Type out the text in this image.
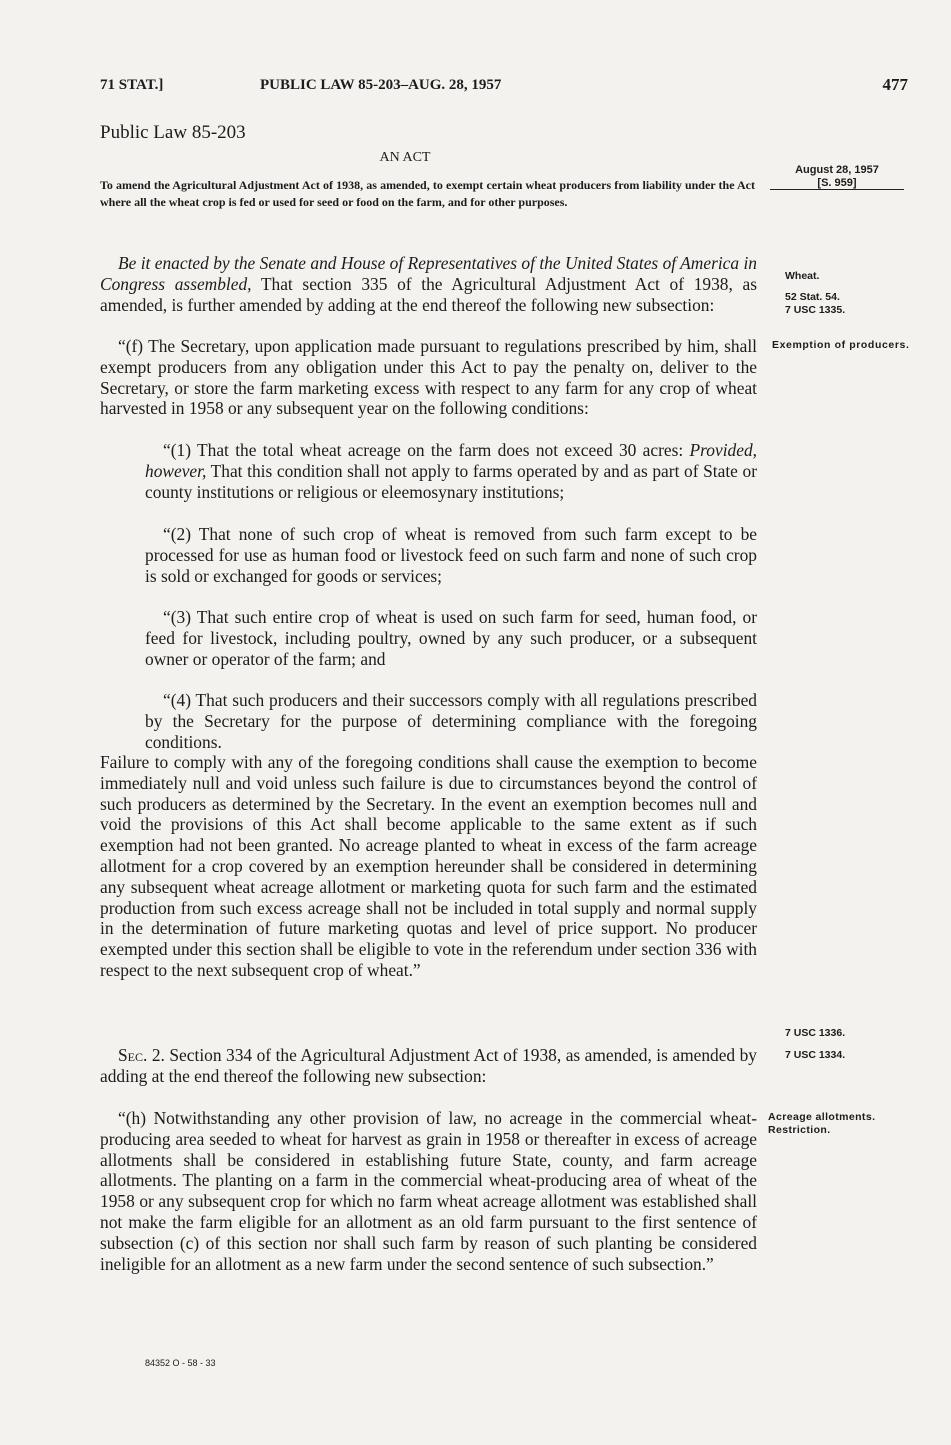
71 STAT.]	PUBLIC LAW 85-203–AUG. 28, 1957	477
Public Law 85-203
AN ACT
To amend the Agricultural Adjustment Act of 1938, as amended, to exempt certain wheat producers from liability under the Act where all the wheat crop is fed or used for seed or food on the farm, and for other purposes.
August 28, 1957
[S. 959]
Wheat.
52 Stat. 54.
7 USC 1335.
Exemption of producers.
7 USC 1336.
7 USC 1334.
Acreage allotments. Restriction.

Be it enacted by the Senate and House of Representatives of the United States of America in Congress assembled, That section 335 of the Agricultural Adjustment Act of 1938, as amended, is further amended by adding at the end thereof the following new subsection:

“(f) The Secretary, upon application made pursuant to regulations prescribed by him, shall exempt producers from any obligation under this Act to pay the penalty on, deliver to the Secretary, or store the farm marketing excess with respect to any farm for any crop of wheat harvested in 1958 or any subsequent year on the following conditions:

“(1) That the total wheat acreage on the farm does not exceed 30 acres: Provided, however, That this condition shall not apply to farms operated by and as part of State or county institutions or religious or eleemosynary institutions;

“(2) That none of such crop of wheat is removed from such farm except to be processed for use as human food or livestock feed on such farm and none of such crop is sold or exchanged for goods or services;

“(3) That such entire crop of wheat is used on such farm for seed, human food, or feed for livestock, including poultry, owned by any such producer, or a subsequent owner or operator of the farm; and

“(4) That such producers and their successors comply with all regulations prescribed by the Secretary for the purpose of determining compliance with the foregoing conditions.

Failure to comply with any of the foregoing conditions shall cause the exemption to become immediately null and void unless such failure is due to circumstances beyond the control of such producers as determined by the Secretary. In the event an exemption becomes null and void the provisions of this Act shall become applicable to the same extent as if such exemption had not been granted. No acreage planted to wheat in excess of the farm acreage allotment for a crop covered by an exemption hereunder shall be considered in determining any subsequent wheat acreage allotment or marketing quota for such farm and the estimated production from such excess acreage shall not be included in total supply and normal supply in the determination of future marketing quotas and level of price support. No producer exempted under this section shall be eligible to vote in the referendum under section 336 with respect to the next subsequent crop of wheat.”

Sec. 2. Section 334 of the Agricultural Adjustment Act of 1938, as amended, is amended by adding at the end thereof the following new subsection:

“(h) Notwithstanding any other provision of law, no acreage in the commercial wheat-producing area seeded to wheat for harvest as grain in 1958 or thereafter in excess of acreage allotments shall be considered in establishing future State, county, and farm acreage allotments. The planting on a farm in the commercial wheat-producing area of wheat of the 1958 or any subsequent crop for which no farm wheat acreage allotment was established shall not make the farm eligible for an allotment as an old farm pursuant to the first sentence of subsection (c) of this section nor shall such farm by reason of such planting be considered ineligible for an allotment as a new farm under the second sentence of such subsection.”

84352 O - 58 - 33
